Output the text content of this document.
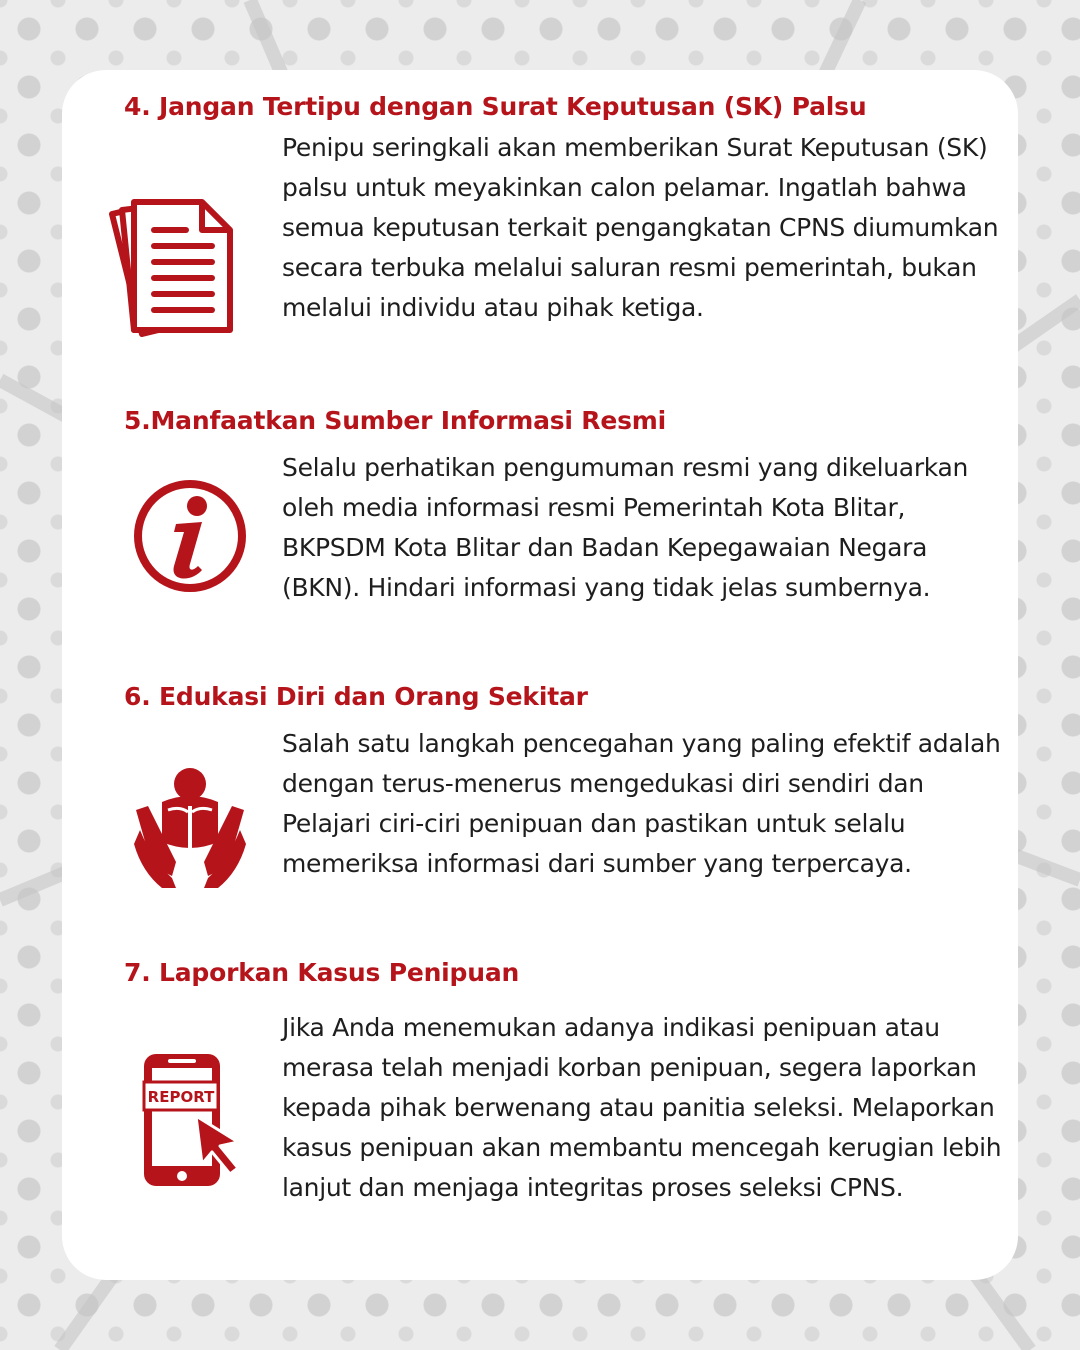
4. Jangan Tertipu dengan Surat Keputusan (SK) Palsu
Penipu seringkali akan memberikan Surat Keputusan (SK) palsu untuk meyakinkan calon pelamar. Ingatlah bahwa semua keputusan terkait pengangkatan CPNS diumumkan secara terbuka melalui saluran resmi pemerintah, bukan melalui individu atau pihak ketiga.
5.Manfaatkan Sumber Informasi Resmi
Selalu perhatikan pengumuman resmi yang dikeluarkan oleh media informasi resmi Pemerintah Kota Blitar, BKPSDM Kota Blitar dan Badan Kepegawaian Negara (BKN). Hindari informasi yang tidak jelas sumbernya.
6. Edukasi Diri dan Orang Sekitar
Salah satu langkah pencegahan yang paling efektif adalah dengan terus-menerus mengedukasi diri sendiri dan Pelajari ciri-ciri penipuan dan pastikan untuk selalu memeriksa informasi dari sumber yang terpercaya.
7. Laporkan Kasus Penipuan
REPORT
Jika Anda menemukan adanya indikasi penipuan atau merasa telah menjadi korban penipuan, segera laporkan kepada pihak berwenang atau panitia seleksi. Melaporkan kasus penipuan akan membantu mencegah kerugian lebih lanjut dan menjaga integritas proses seleksi CPNS.
